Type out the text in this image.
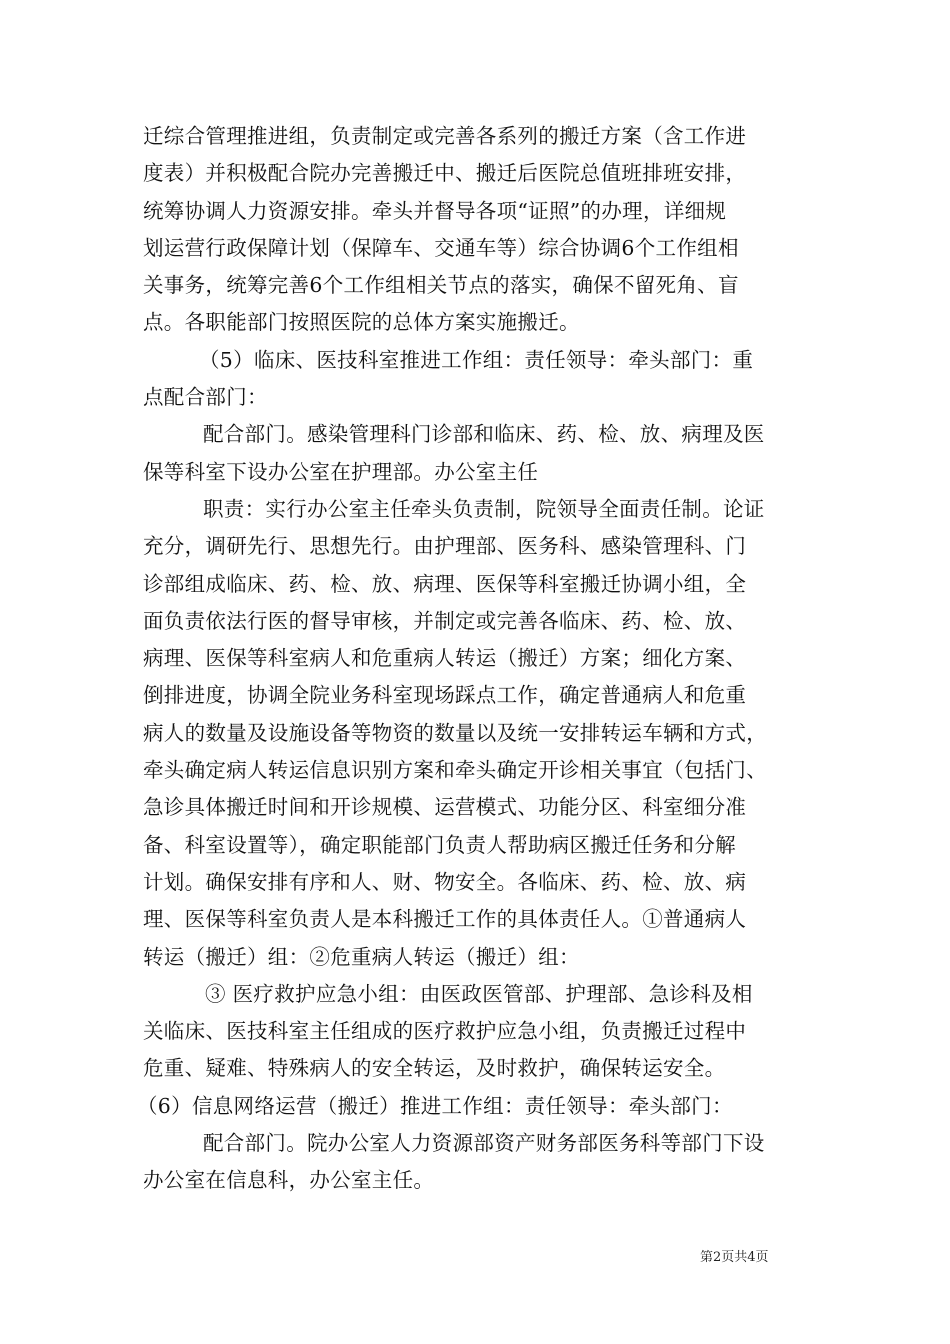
迁综合管理推进组，负责制定或完善各系列的搬迁方案（含工作进
度表）并积极配合院办完善搬迁中、搬迁后医院总值班排班安排，
统筹协调人力资源安排。牵头并督导各项“证照”的办理，详细规
划运营行政保障计划（保障车、交通车等）综合协调6个工作组相
关事务，统筹完善6个工作组相关节点的落实，确保不留死角、盲
点。各职能部门按照医院的总体方案实施搬迁。
（5）临床、医技科室推进工作组：责任领导：牵头部门：重
点配合部门：
配合部门。感染管理科门诊部和临床、药、检、放、病理及医
保等科室下设办公室在护理部。办公室主任
职责：实行办公室主任牵头负责制，院领导全面责任制。论证
充分，调研先行、思想先行。由护理部、医务科、感染管理科、门
诊部组成临床、药、检、放、病理、医保等科室搬迁协调小组，全
面负责依法行医的督导审核，并制定或完善各临床、药、检、放、
病理、医保等科室病人和危重病人转运（搬迁）方案；细化方案、
倒排进度，协调全院业务科室现场踩点工作，确定普通病人和危重
病人的数量及设施设备等物资的数量以及统一安排转运车辆和方式，
牵头确定病人转运信息识别方案和牵头确定开诊相关事宜（包括门、
急诊具体搬迁时间和开诊规模、运营模式、功能分区、科室细分准
备、科室设置等），确定职能部门负责人帮助病区搬迁任务和分解
计划。确保安排有序和人、财、物安全。各临床、药、检、放、病
理、医保等科室负责人是本科搬迁工作的具体责任人。①普通病人
转运（搬迁）组：②危重病人转运（搬迁）组：
③ 医疗救护应急小组：由医政医管部、护理部、急诊科及相
关临床、医技科室主任组成的医疗救护应急小组，负责搬迁过程中
危重、疑难、特殊病人的安全转运，及时救护，确保转运安全。
（6）信息网络运营（搬迁）推进工作组：责任领导：牵头部门：
配合部门。院办公室人力资源部资产财务部医务科等部门下设
办公室在信息科，办公室主任。
第2页共4页
